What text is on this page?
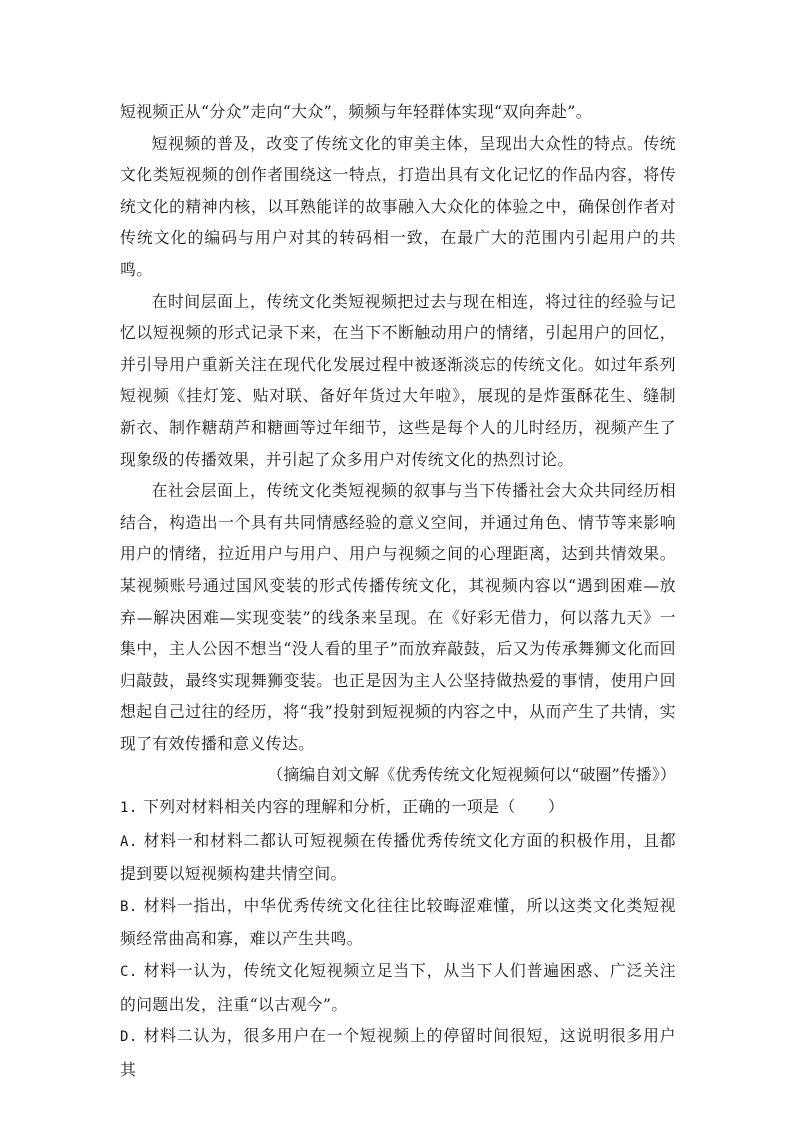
短视频正从“分众”走向“大众”，频频与年轻群体实现“双向奔赴”。

短视频的普及，改变了传统文化的审美主体，呈现出大众性的特点。传统文化类短视频的创作者围绕这一特点，打造出具有文化记忆的作品内容，将传统文化的精神内核，以耳熟能详的故事融入大众化的体验之中，确保创作者对传统文化的编码与用户对其的转码相一致，在最广大的范围内引起用户的共鸣。

在时间层面上，传统文化类短视频把过去与现在相连，将过往的经验与记忆以短视频的形式记录下来，在当下不断触动用户的情绪，引起用户的回忆，并引导用户重新关注在现代化发展过程中被逐渐淡忘的传统文化。如过年系列短视频《挂灯笼、贴对联、备好年货过大年啦》，展现的是炸蛋酥花生、缝制新衣、制作糖葫芦和糖画等过年细节，这些是每个人的儿时经历，视频产生了现象级的传播效果，并引起了众多用户对传统文化的热烈讨论。

在社会层面上，传统文化类短视频的叙事与当下传播社会大众共同经历相结合，构造出一个具有共同情感经验的意义空间，并通过角色、情节等来影响用户的情绪，拉近用户与用户、用户与视频之间的心理距离，达到共情效果。某视频账号通过国风变装的形式传播传统文化，其视频内容以“遇到困难—放弃—解决困难—实现变装”的线条来呈现。在《好彩无借力，何以落九天》一集中，主人公因不想当“没人看的里子”而放弃敲鼓，后又为传承舞狮文化而回归敲鼓，最终实现舞狮变装。也正是因为主人公坚持做热爱的事情，使用户回想起自己过往的经历，将“我”投射到短视频的内容之中，从而产生了共情，实现了有效传播和意义传达。

（摘编自刘文解《优秀传统文化短视频何以“破圈”传播》）

1. 下列对材料相关内容的理解和分析，正确的一项是（　　）

A. 材料一和材料二都认可短视频在传播优秀传统文化方面的积极作用，且都提到要以短视频构建共情空间。

B. 材料一指出，中华优秀传统文化往往比较晦涩难懂，所以这类文化类短视频经常曲高和寡，难以产生共鸣。

C. 材料一认为，传统文化短视频立足当下，从当下人们普遍困惑、广泛关注的问题出发，注重“以古观今”。

D. 材料二认为，很多用户在一个短视频上的停留时间很短，这说明很多用户其
